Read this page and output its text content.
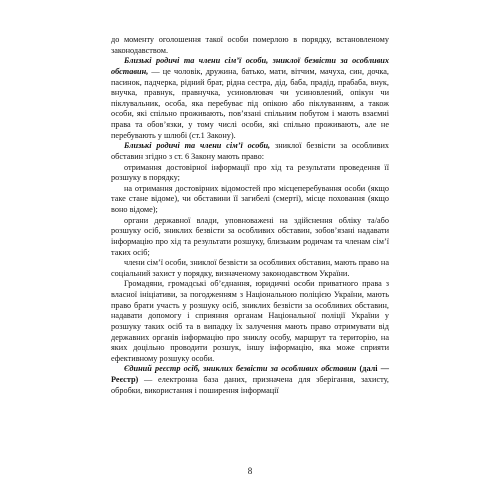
до моменту оголошення такої особи померлою в порядку, встановленому законодавством.

Близькі родичі та члени сім’ї особи, зниклої безвісти за особливих обставин, — це чоловік, дружина, батько, мати, вітчим, мачуха, син, дочка, пасинок, падчерка, рідний брат, рідна сестра, дід, баба, прадід, прабаба, внук, внучка, правнук, правнучка, усиновлювач чи усиновлений, опікун чи піклувальник, особа, яка перебуває під опікою або піклуванням, а також особи, які спільно проживають, пов’язані спільним побутом і мають взаємні права та обов’язки, у тому числі особи, які спільно проживають, але не перебувають у шлюбі (ст.1 Закону).

Близькі родичі та члени сім’ї особи, зниклої безвісти за особливих обставин згідно з ст. 6 Закону мають право:

отримання достовірної інформації про хід та результати проведення її розшуку в порядку;

на отримання достовірних відомостей про місцеперебування особи (якщо таке стане відоме), чи обставини її загибелі (смерті), місце поховання (якщо воно відоме);

органи державної влади, уповноважені на здійснення обліку та/або розшуку осіб, зниклих безвісти за особливих обставин, зобов’язані надавати інформацію про хід та результати розшуку, близьким родичам та членам сім’ї таких осіб;

члени сім’ї особи, зниклої безвісти за особливих обставин, мають право на соціальний захист у порядку, визначеному законодавством України.

Громадяни, громадські об’єднання, юридичні особи приватного права з власної ініціативи, за погодженням з Національною поліцією України, мають право брати участь у розшуку осіб, зниклих безвісти за особливих обставин, надавати допомогу і сприяння органам Національної поліції України у розшуку таких осіб та в випадку їх залучення мають право отримувати від державних органів інформацію про зниклу особу, маршрут та територію, на яких доцільно проводити розшук, іншу інформацію, яка може сприяти ефективному розшуку особи.

Єдиний реєстр осіб, зниклих безвісти за особливих обставин (далі — Реєстр) — електронна база даних, призначена для зберігання, захисту, обробки, використання і поширення інформації

8
